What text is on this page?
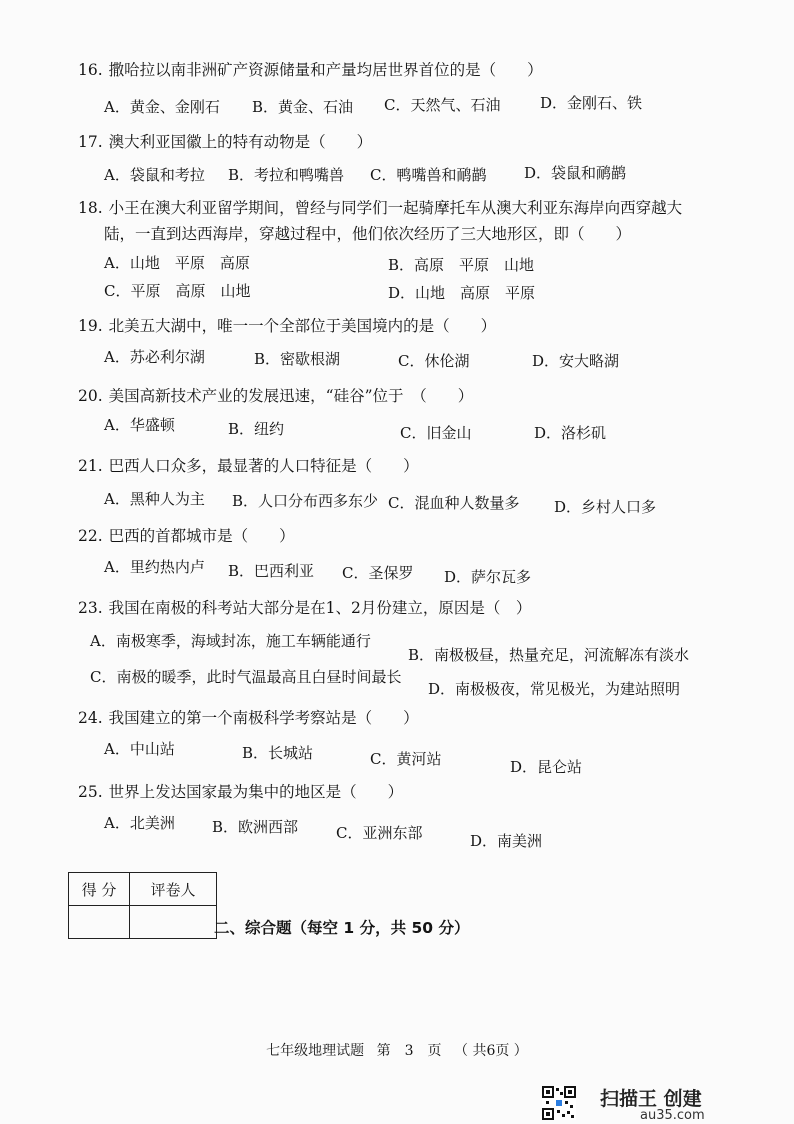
16. 撒哈拉以南非洲矿产资源储量和产量均居世界首位的是（　　）
A．黄金、金刚石 B．黄金、石油 C．天然气、石油	D．金刚石、铁
17. 澳大利亚国徽上的特有动物是（　　）
A．袋鼠和考拉 B．考拉和鸭嘴兽 C．鸭嘴兽和鸸鹋	D．袋鼠和鸸鹋
18. 小王在澳大利亚留学期间，曾经与同学们一起骑摩托车从澳大利亚东海岸向西穿越大
陆，一直到达西海岸，穿越过程中，他们依次经历了三大地形区，即（　　）
A．山地　平原　高原	B．高原　平原　山地
C．平原　高原　山地	D．山地　高原　平原
19. 北美五大湖中，唯一一个全部位于美国境内的是（　　）
A．苏必利尔湖	B．密歇根湖	C．休伦湖	D．安大略湖
20. 美国高新技术产业的发展迅速，“硅谷”位于　（　　）
A．华盛顿	B．纽约	C．旧金山	D．洛杉矶
21. 巴西人口众多，最显著的人口特征是（　　）
A．黑种人为主 B．人口分布西多东少 C．混血种人数量多 D．乡村人口多
22. 巴西的首都城市是（　　）
A．里约热内卢 B．巴西利亚 C．圣保罗 D．萨尔瓦多
23. 我国在南极的科考站大部分是在1、2月份建立，原因是（　）
A．南极寒季，海域封冻，施工车辆能通行
B．南极极昼，热量充足，河流解冻有淡水
C．南极的暖季，此时气温最高且白昼时间最长
D．南极极夜，常见极光，为建站照明
24. 我国建立的第一个南极科学考察站是（　　）
A．中山站	B．长城站	C．黄河站	D．昆仑站
25. 世界上发达国家最为集中的地区是（　　）
A．北美洲 B．欧洲西部	C．亚洲东部	D．南美洲
得 分	评卷人

二、综合题（每空 1 分，共 50 分）
七年级地理试题 第　3　页 （ 共6页 ）
扫描王 创建
au35.com
